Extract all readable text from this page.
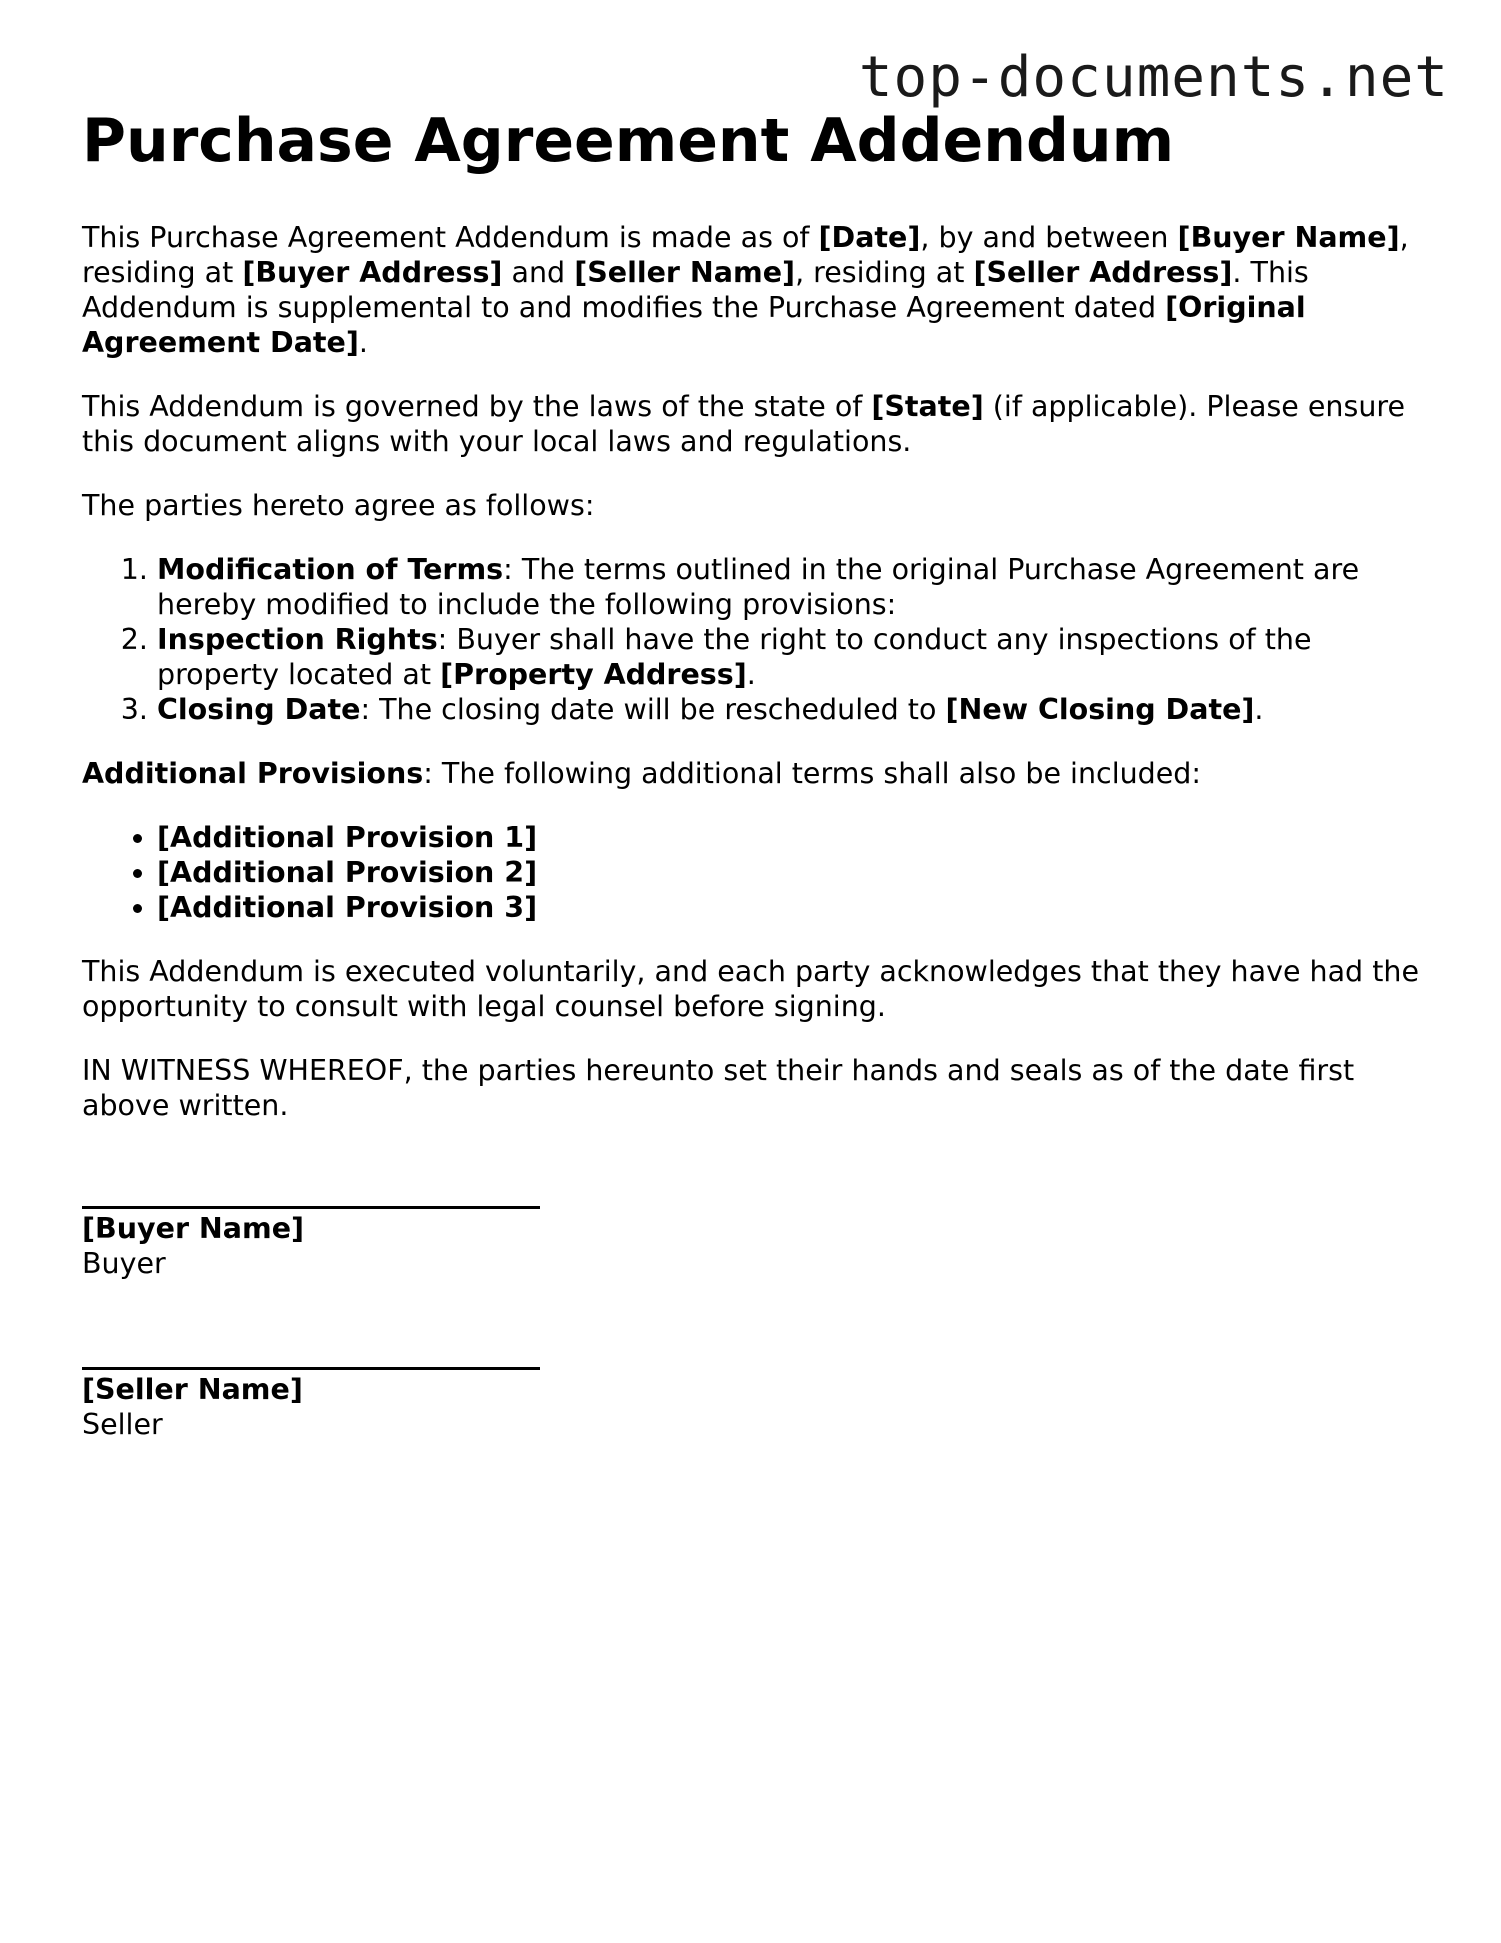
top-documents.net
Purchase Agreement Addendum

This Purchase Agreement Addendum is made as of [Date], by and between [Buyer Name], residing at [Buyer Address] and [Seller Name], residing at [Seller Address]. This Addendum is supplemental to and modifies the Purchase Agreement dated [Original Agreement Date].

This Addendum is governed by the laws of the state of [State] (if applicable). Please ensure this document aligns with your local laws and regulations.

The parties hereto agree as follows:

1. Modification of Terms: The terms outlined in the original Purchase Agreement are hereby modified to include the following provisions:
2. Inspection Rights: Buyer shall have the right to conduct any inspections of the property located at [Property Address].
3. Closing Date: The closing date will be rescheduled to [New Closing Date].

Additional Provisions: The following additional terms shall also be included:

• [Additional Provision 1]
• [Additional Provision 2]
• [Additional Provision 3]

This Addendum is executed voluntarily, and each party acknowledges that they have had the opportunity to consult with legal counsel before signing.

IN WITNESS WHEREOF, the parties hereunto set their hands and seals as of the date first above written.

[Buyer Name]
Buyer
[Seller Name]
Seller
